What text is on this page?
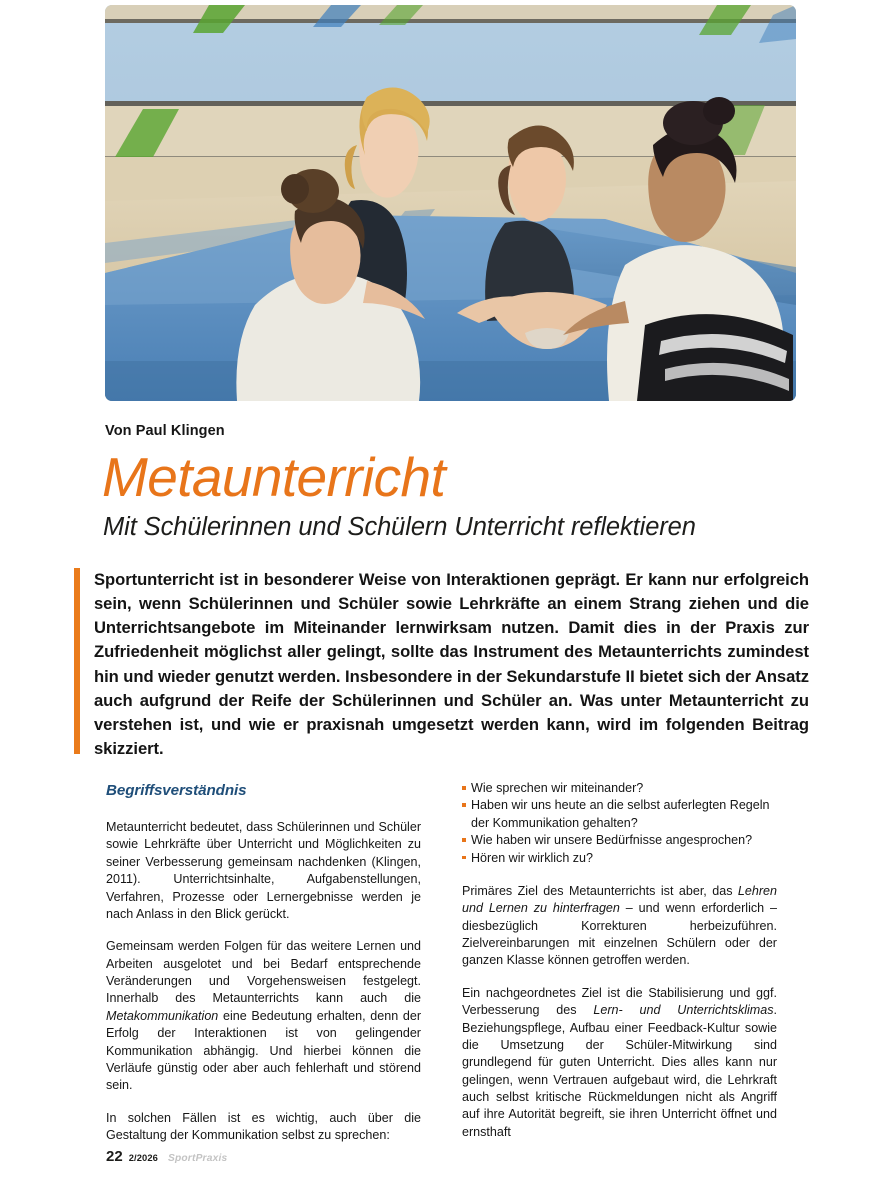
Von Paul Klingen
Metaunterricht
Mit Schülerinnen und Schülern Unterricht reflektieren
Sportunterricht ist in besonderer Weise von Interaktionen geprägt. Er kann nur erfolgreich sein, wenn Schülerinnen und Schüler sowie Lehrkräfte an einem Strang ziehen und die Unterrichtsangebote im Miteinander lernwirksam nutzen. Damit dies in der Praxis zur Zufriedenheit möglichst aller gelingt, sollte das Instrument des Metaunterrichts zumindest hin und wieder genutzt werden. Insbesondere in der Sekundarstufe II bietet sich der Ansatz auch aufgrund der Reife der Schülerinnen und Schüler an. Was unter Metaunterricht zu verstehen ist, und wie er praxisnah umgesetzt werden kann, wird im folgenden Beitrag skizziert.
Begriffsverständnis

Metaunterricht bedeutet, dass Schülerinnen und Schüler sowie Lehrkräfte über Unterricht und Möglichkeiten zu seiner Verbesserung gemeinsam nachdenken (Klingen, 2011). Unterrichtsinhalte, Aufgabenstellungen, Verfahren, Prozesse oder Lernergebnisse werden je nach Anlass in den Blick gerückt.

Gemeinsam werden Folgen für das weitere Lernen und Arbeiten ausgelotet und bei Bedarf entsprechende Veränderungen und Vorgehensweisen festgelegt. Innerhalb des Metaunterrichts kann auch die Metakommunikation eine Bedeutung erhalten, denn der Erfolg der Interaktionen ist von gelingender Kommunikation abhängig. Und hierbei können die Verläufe günstig oder aber auch fehlerhaft und störend sein.

In solchen Fällen ist es wichtig, auch über die Gestaltung der Kommunikation selbst zu sprechen:

Wie sprechen wir miteinander?
Haben wir uns heute an die selbst auferlegten Regeln der Kommunikation gehalten?
Wie haben wir unsere Bedürfnisse angesprochen?
Hören wir wirklich zu?

Primäres Ziel des Metaunterrichts ist aber, das Lehren und Lernen zu hinterfragen – und wenn erforderlich – diesbezüglich Korrekturen herbeizuführen. Zielvereinbarungen mit einzelnen Schülern oder der ganzen Klasse können getroffen werden.

Ein nachgeordnetes Ziel ist die Stabilisierung und ggf. Verbesserung des Lern- und Unterrichtsklimas. Beziehungspflege, Aufbau einer Feedback-Kultur sowie die Umsetzung der Schüler-Mitwirkung sind grundlegend für guten Unterricht. Dies alles kann nur gelingen, wenn Vertrauen aufgebaut wird, die Lehrkraft auch selbst kritische Rückmeldungen nicht als Angriff auf ihre Autorität begreift, sie ihren Unterricht öffnet und ernsthaft

22 2/2026 SportPraxis
